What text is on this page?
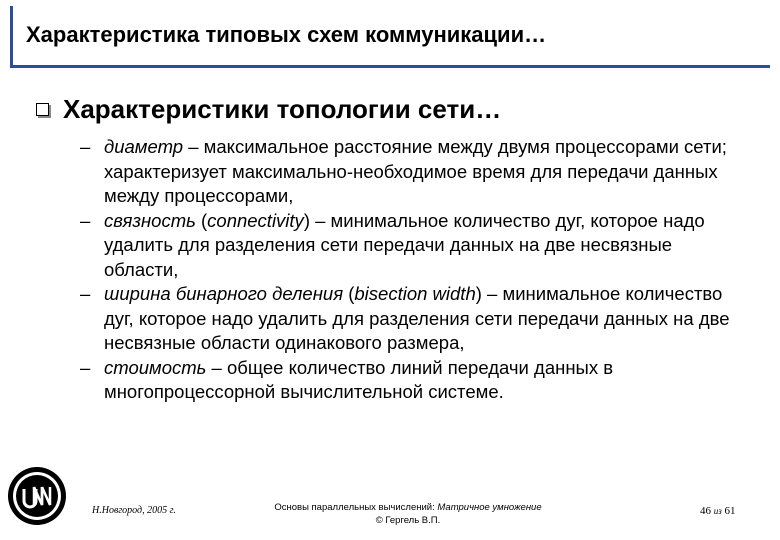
Характеристика типовых схем коммуникации…
Характеристики топологии сети…
– диаметр – максимальное расстояние между двумя процессорами сети; характеризует максимально-необходимое время для передачи данных между процессорами,
– связность (connectivity) – минимальное количество дуг, которое надо удалить для разделения сети передачи данных на две несвязные области,
– ширина бинарного деления (bisection width) – минимальное количество дуг, которое надо удалить для разделения сети передачи данных на две несвязные области одинакового размера,
– стоимость – общее количество линий передачи данных в многопроцессорной вычислительной системе.
Н.Новгород, 2005 г.	Основы параллельных вычислений: Матричное умножение
© Гергель В.П.
46 из 61
